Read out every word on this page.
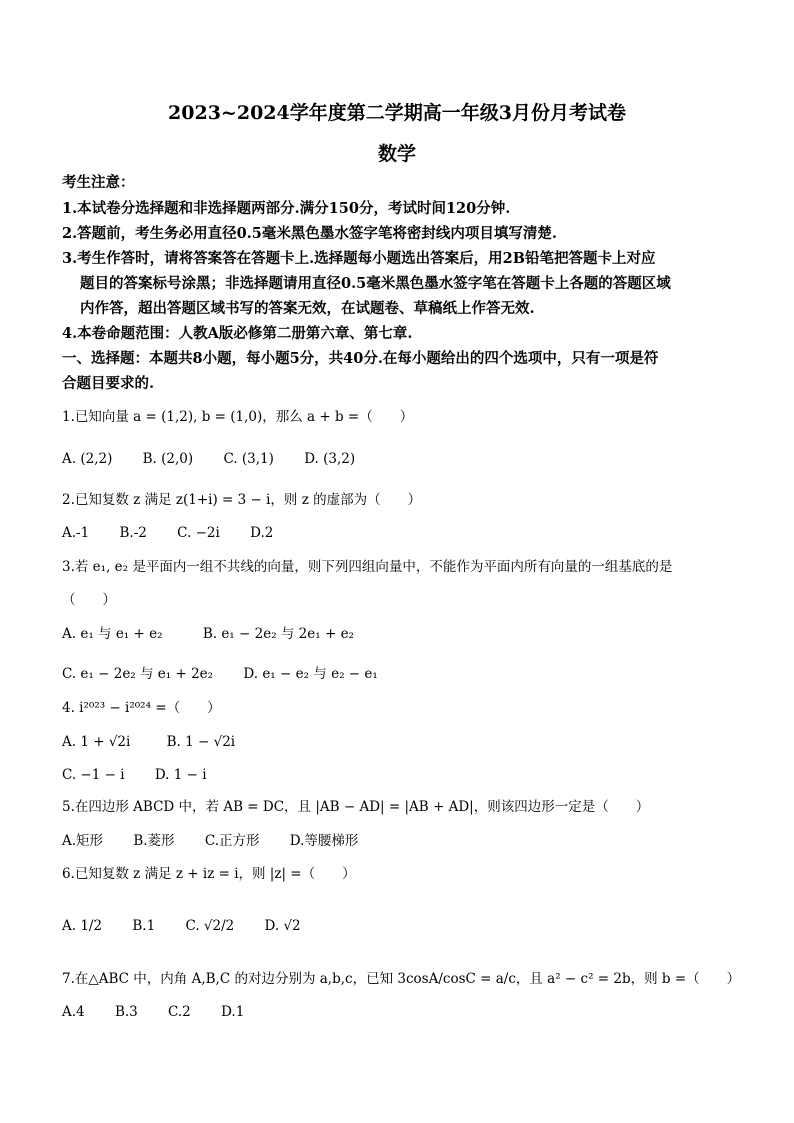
2023~2024学年度第二学期高一年级3月份月考试卷
数学
考生注意：
1.本试卷分选择题和非选择题两部分.满分150分，考试时间120分钟.
2.答题前，考生务必用直径0.5毫米黑色墨水签字笔将密封线内项目填写清楚.
3.考生作答时，请将答案答在答题卡上.选择题每小题选出答案后，用2B铅笔把答题卡上对应
题目的答案标号涂黑；非选择题请用直径0.5毫米黑色墨水签字笔在答题卡上各题的答题区域
内作答，超出答题区域书写的答案无效，在试题卷、草稿纸上作答无效.
4.本卷命题范围：人教A版必修第二册第六章、第七章.
一、选择题：本题共8小题，每小题5分，共40分.在每小题给出的四个选项中，只有一项是符
合题目要求的.
1.已知向量 a = (1,2), b = (1,0)，那么 a + b =（　　）
A. (2,2) B. (2,0) C. (3,1) D. (3,2)
2.已知复数 z 满足 z(1+i) = 3 − i，则 z 的虚部为（　　）
A.-1 B.-2 C. −2i D.2
3.若 e₁, e₂ 是平面内一组不共线的向量，则下列四组向量中，不能作为平面内所有向量的一组基底的是
（　　）
A. e₁ 与 e₁ + e₂	B. e₁ − 2e₂ 与 2e₁ + e₂
C. e₁ − 2e₂ 与 e₁ + 2e₂ D. e₁ − e₂ 与 e₂ − e₁
4. i²⁰²³ − i²⁰²⁴ =（　　）
A. 1 + √2i	B. 1 − √2i
C. −1 − i D. 1 − i
5.在四边形 ABCD 中，若 AB = DC，且 |AB − AD| = |AB + AD|，则该四边形一定是（　　）
A.矩形 B.菱形 C.正方形 D.等腰梯形
6.已知复数 z 满足 z + iz = i，则 |z| =（　　）
A. 1/2 B.1 C. √2/2 D. √2
7.在△ABC 中，内角 A,B,C 的对边分别为 a,b,c，已知 3cosA/cosC = a/c，且 a² − c² = 2b，则 b =（　　）
A.4 B.3 C.2 D.1
